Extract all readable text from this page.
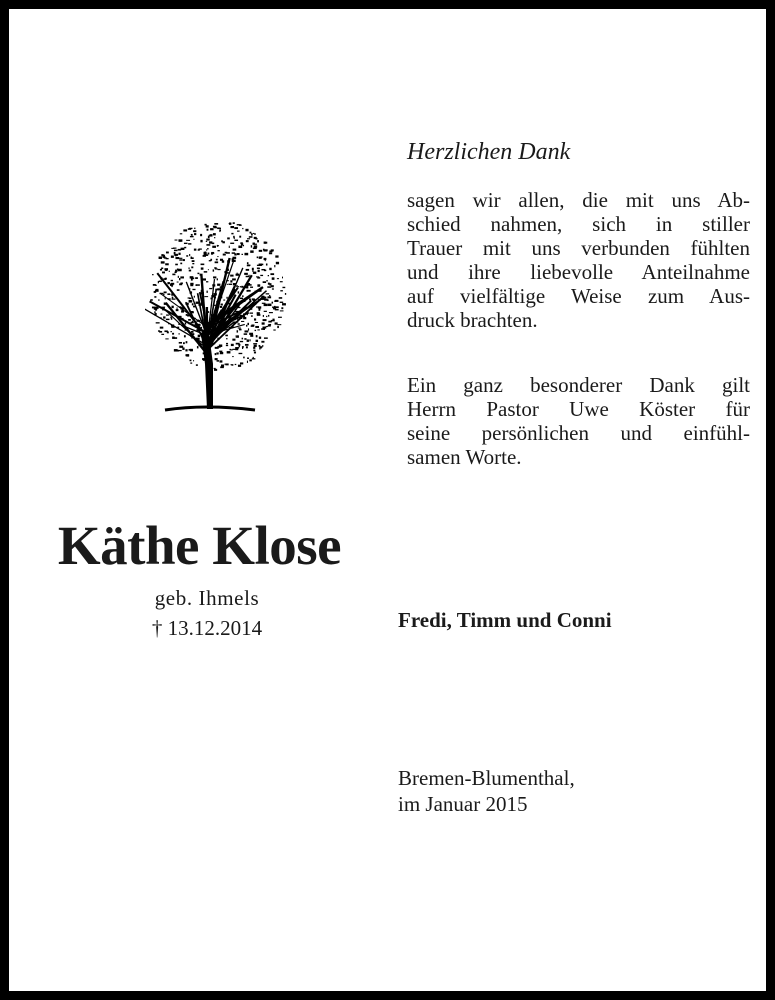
Herzlichen Dank

sagen wir allen, die mit uns Ab-

schied nahmen, sich in stiller

Trauer mit uns verbunden fühlten

und ihre liebevolle Anteilnahme

auf vielfältige Weise zum Aus-

druck brachten.

Ein ganz besonderer Dank gilt

Herrn Pastor Uwe Köster für

seine persönlichen und einfühl-

samen Worte.

Käthe Klose

geb. Ihmels

† 13.12.2014	Fredi, Timm und Conni

Bremen-Blumenthal,

im Januar 2015
